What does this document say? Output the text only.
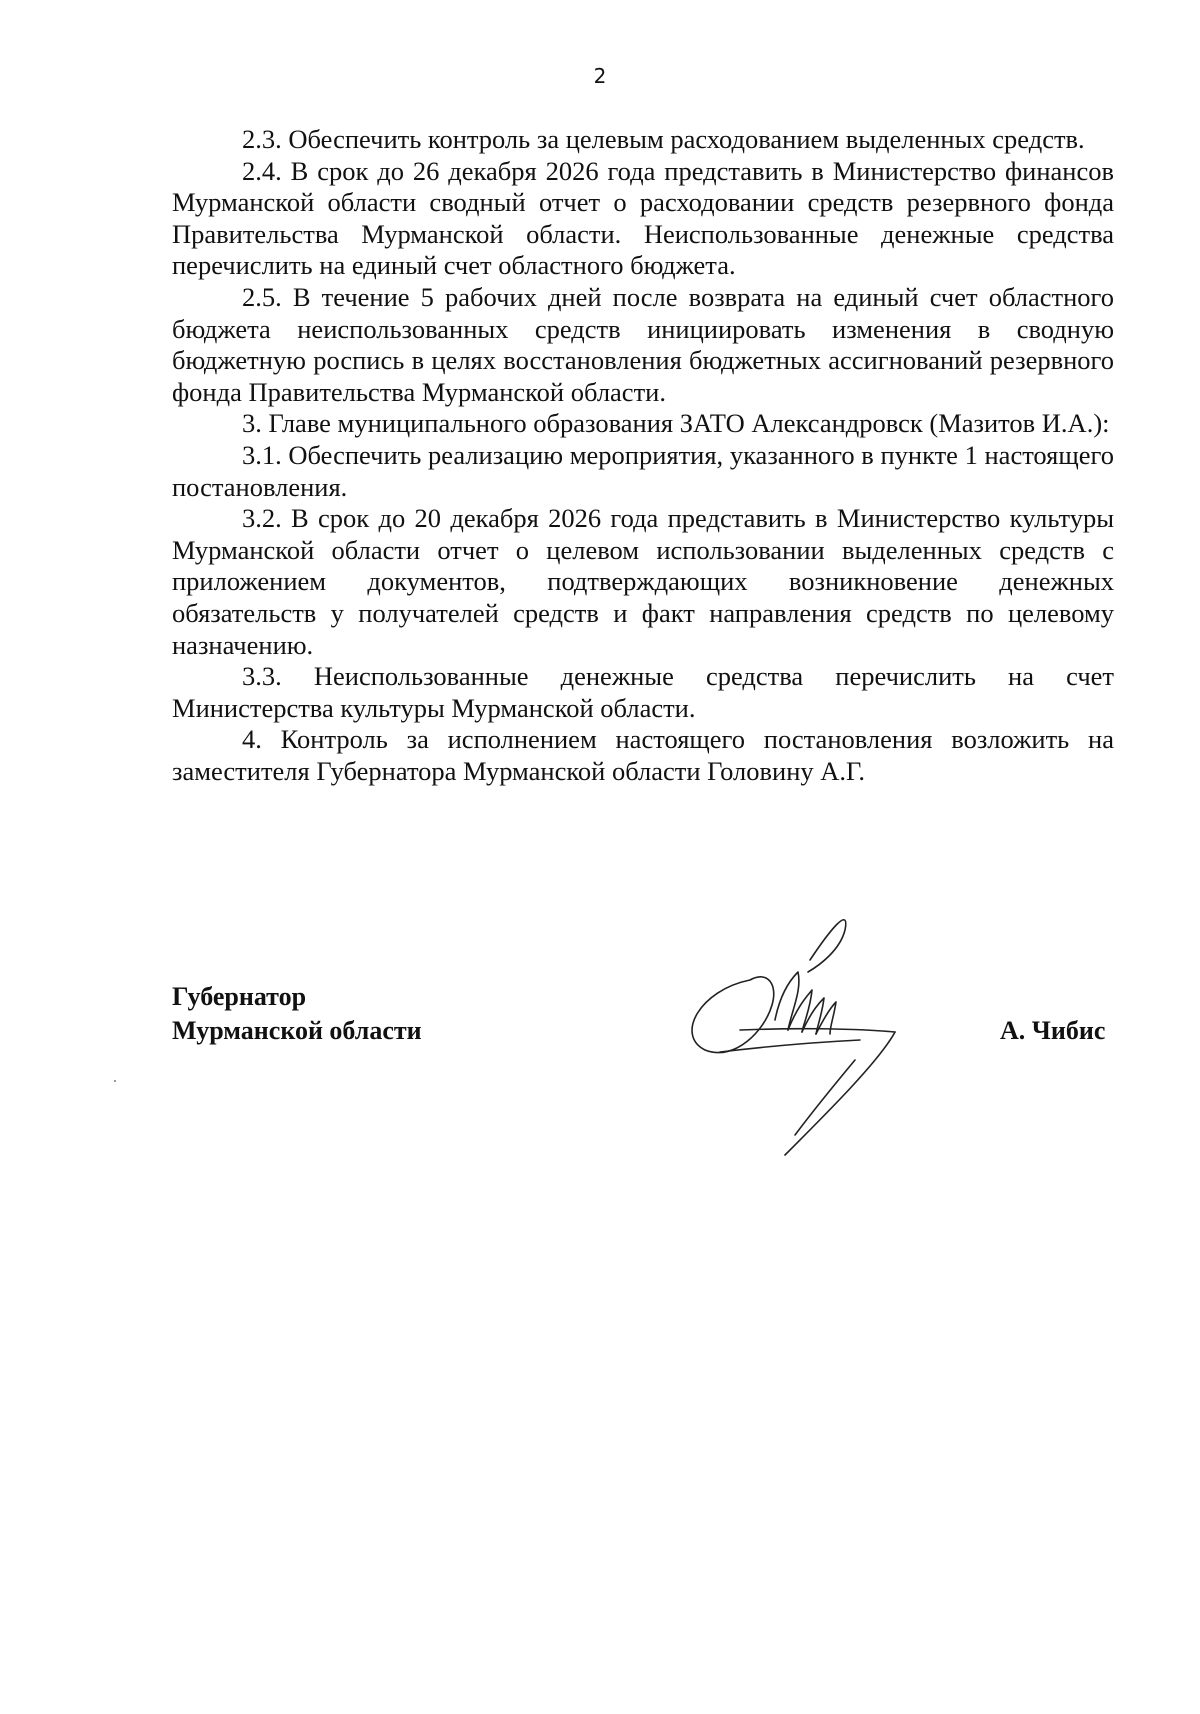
2

2.3. Обеспечить контроль за целевым расходованием выделенных средств.

2.4. В срок до 26 декабря 2026 года представить в Министерство финансов Мурманской области сводный отчет о расходовании средств резервного фонда Правительства Мурманской области. Неиспользованные денежные средства перечислить на единый счет областного бюджета.

2.5. В течение 5 рабочих дней после возврата на единый счет областного бюджета неиспользованных средств инициировать изменения в сводную бюджетную роспись в целях восстановления бюджетных ассигнований резервного фонда Правительства Мурманской области.

3. Главе муниципального образования ЗАТО Александровск (Мазитов И.А.):

3.1. Обеспечить реализацию мероприятия, указанного в пункте 1 настоящего постановления.

3.2. В срок до 20 декабря 2026 года представить в Министерство культуры Мурманской области отчет о целевом использовании выделенных средств с приложением документов, подтверждающих возникновение денежных обязательств у получателей средств и факт направления средств по целевому назначению.

3.3. Неиспользованные денежные средства перечислить на счет Министерства культуры Мурманской области.

4. Контроль за исполнением настоящего постановления возложить на заместителя Губернатора Мурманской области Головину А.Г.

Губернатор
Мурманской области	А. Чибис
